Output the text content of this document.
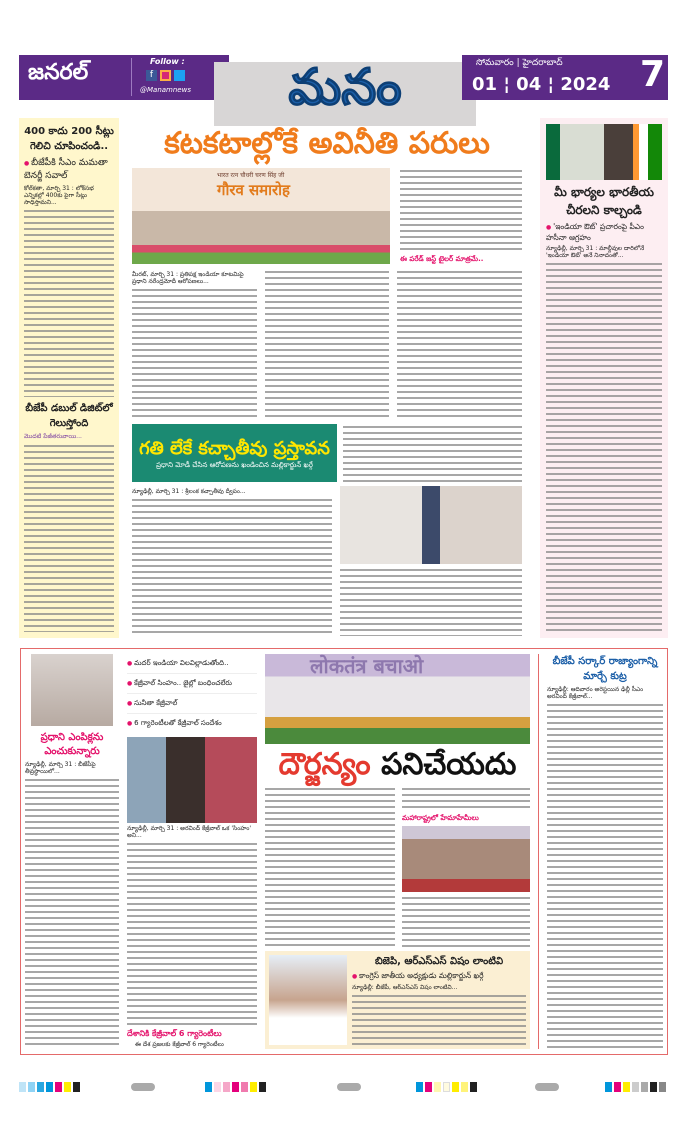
జనరల్	Follow :
f
@Manamnews	మనం	సోమవారం | హైదరాబాద్
01 ¦ 04 ¦ 2024 7
400 కాదు 200 సీట్లు గెలిచి చూపించండి..
● బీజేపీకి సీఎం మమతా బెనర్జీ సవాల్
కోల్‌కతా, మార్చి 31 : లోక్‌సభ ఎన్నికల్లో 400కు పైగా సీట్లు సాధిస్తామని...
బీజేపీ డబుల్ డిజిట్‌లో గెలుస్తోంది
మొదటి పేజీతరువాయి...
కటకటాల్లోకే అవినీతి పరులు
भारत रत्न चौधरी चरण सिंह जी
गौरव समारोह
ఈ పరేడ్ జస్ట్ టైలర్ మాత్రమే..
మీరట్, మార్చి 31 : ప్రతిపక్ష ఇండియా కూటమిపై ప్రధాని నరేంద్రమోదీ ఆరోపణలు...
గతి లేకే కచ్చాతీవు ప్రస్తావన
ప్రధాని మోడీ చేసిన ఆరోపణను ఖండించిన మల్లికార్జున్ ఖర్గే
న్యూఢిల్లీ, మార్చి 31 : శ్రీలంక కచ్చాతీవు ద్వీపం...
మీ భార్యల భారతీయ చీరలని కాల్చండి
● 'ఇండియా ఔట్' ప్రచారంపై పీఎం హసీనా ఆగ్రహం
న్యూఢిల్లీ, మార్చి 31 : మాల్దీవుల దారిలోనే 'ఇండియా ఔట్' అనే నినాదంతో...
ప్రధాని ఎంపిక్లను ఎంచుకున్నారు
న్యూఢిల్లీ, మార్చి 31 : బీజేపీపై తీవ్రస్థాయిలో...
● మదర్ ఇండియా విలవిల్లాడుతోంది..
● కేజ్రీవాల్ సింహం.. జైల్లో బంధించలేరు
● సునీతా కేజ్రీవాల్
● 6 గ్యారెంటీలతో కేజ్రీవాల్ సందేశం
న్యూఢిల్లీ, మార్చి 31 : అరవింద్ కేజ్రీవాల్ ఒక 'సింహం' అని...
దేశానికి కేజ్రీవాల్ 6 గ్యారెంటీలు
ఈ దేశ ప్రజలకు కేజ్రీవాల్ 6 గ్యారెంటీలు
लोकतंत्र बचाओ
దౌర్జన్యం పనిచేయదు
మహారాష్ట్రలో హేమాహేమీలు
బిజెపి, ఆర్‌ఎస్‌ఎస్ విషం లాంటివి
● కాంగ్రెస్ జాతీయ అధ్యక్షుడు మల్లికార్జున్ ఖర్గే
న్యూఢిల్లీ: బీజేపీ, ఆర్‌ఎస్‌ఎస్ విషం లాంటివి...
బీజేపీ సర్కార్ రాజ్యాంగాన్ని మార్చే కుట్ర
న్యూఢిల్లీ: ఆదివారం అరెస్టయిన ఢిల్లీ సీఎం అరవింద్ కేజ్రీవాల్...
